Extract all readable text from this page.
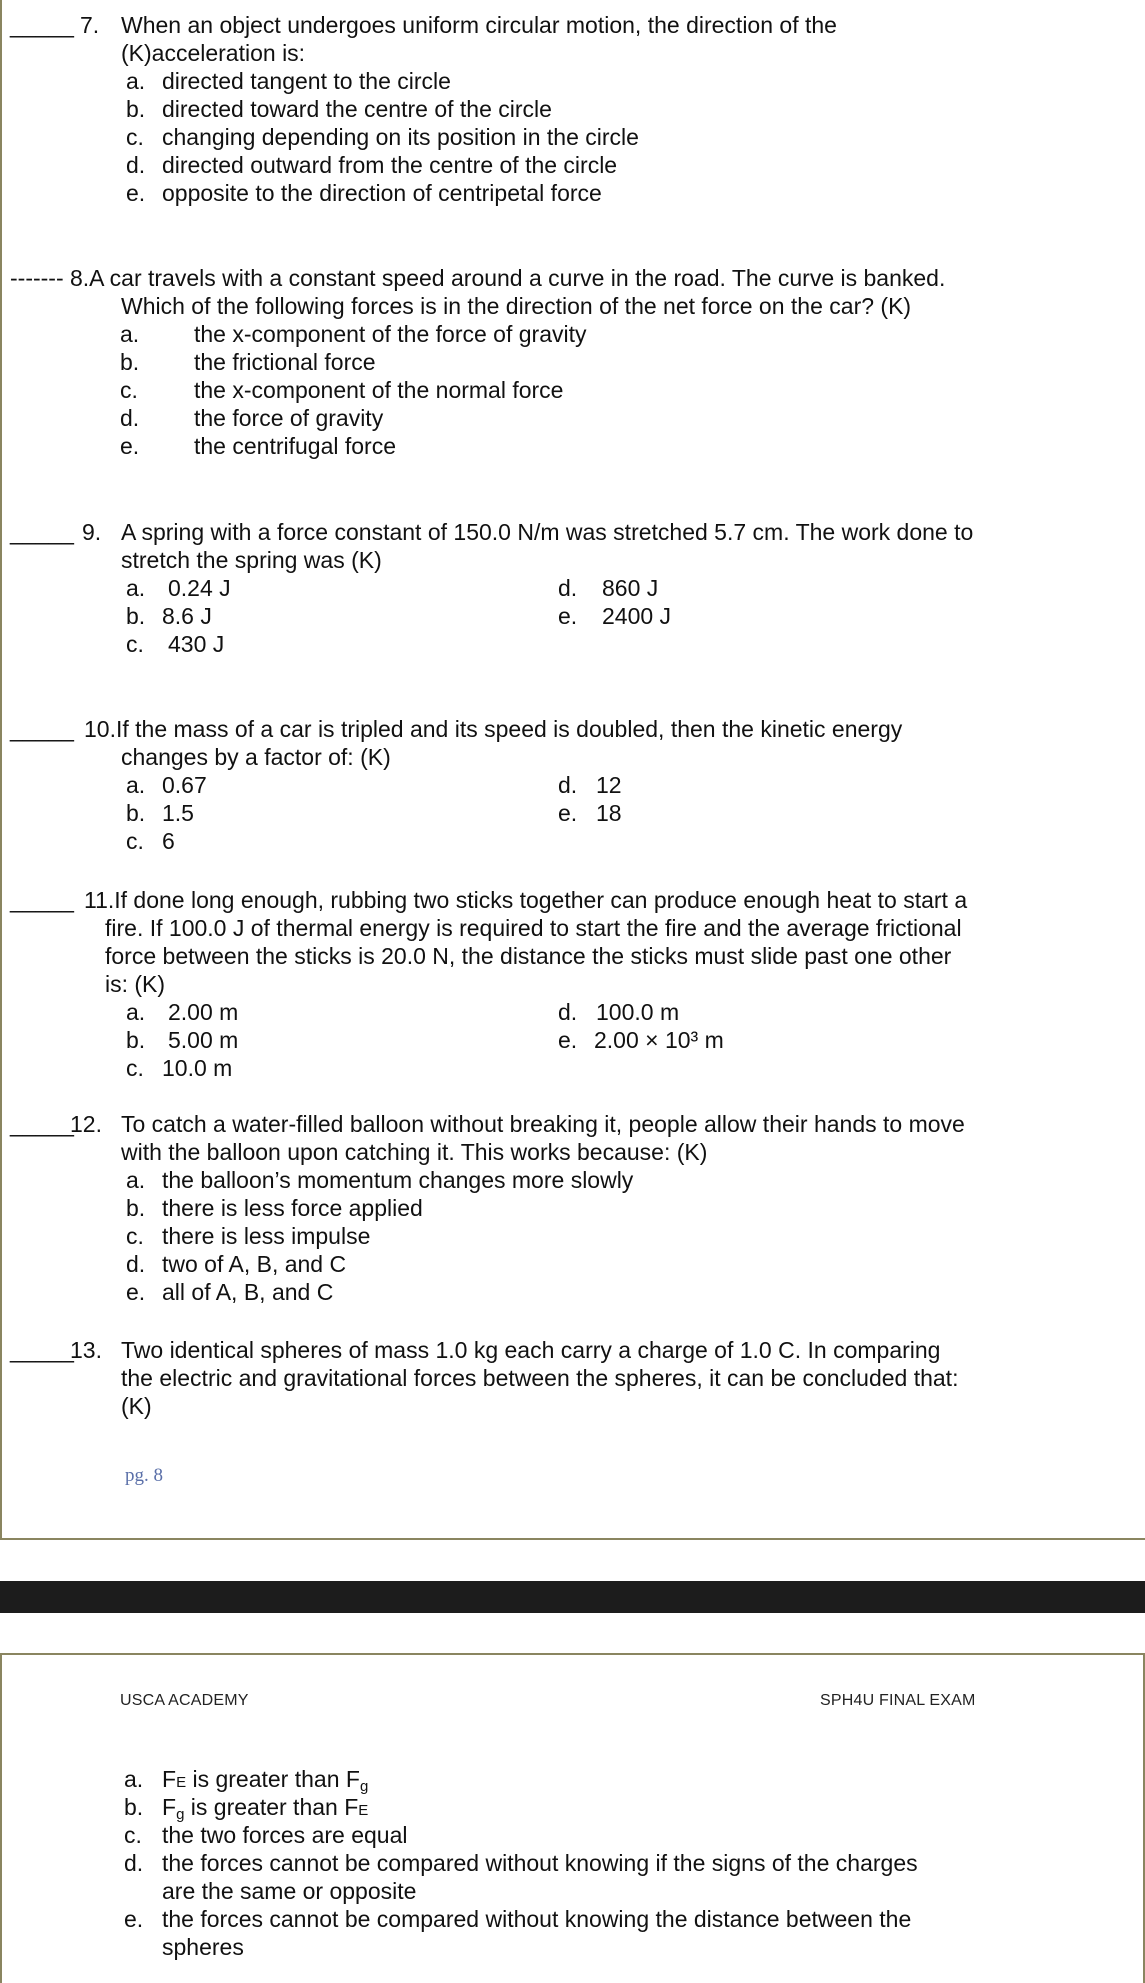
_____ 7. When an object undergoes uniform circular motion, the direction of the
(K)acceleration is:
a. directed tangent to the circle
b. directed toward the centre of the circle
c. changing depending on its position in the circle
d. directed outward from the centre of the circle
e. opposite to the direction of centripetal force
------- 8.A car travels with a constant speed around a curve in the road. The curve is banked.
Which of the following forces is in the direction of the net force on the car? (K)
a. the x-component of the force of gravity
b. the frictional force
c. the x-component of the normal force
d. the force of gravity
e. the centrifugal force
_____ 9. A spring with a force constant of 150.0 N/m was stretched 5.7 cm. The work done to
stretch the spring was (K)
a. 0.24 J
b. 8.6 J
c. 430 J
d. 860 J
e. 2400 J
_____ 10.If the mass of a car is tripled and its speed is doubled, then the kinetic energy
changes by a factor of: (K)
a. 0.67
b. 1.5
c. 6
d. 12
e. 18
_____ 11.If done long enough, rubbing two sticks together can produce enough heat to start a
fire. If 100.0 J of thermal energy is required to start the fire and the average frictional
force between the sticks is 20.0 N, the distance the sticks must slide past one other
is: (K)
a. 2.00 m
b. 5.00 m
c. 10.0 m
d. 100.0 m
e. 2.00 × 10³ m
_____
12. To catch a water-filled balloon without breaking it, people allow their hands to move
with the balloon upon catching it. This works because: (K)
a. the balloon’s momentum changes more slowly
b. there is less force applied
c. there is less impulse
d. two of A, B, and C
e. all of A, B, and C
_____
13. Two identical spheres of mass 1.0 kg each carry a charge of 1.0 C. In comparing
the electric and gravitational forces between the spheres, it can be concluded that:
(K)
pg. 8
USCA ACADEMY	SPH4U FINAL EXAM
a. FE is greater than $F_g$
b. $F_g$ is greater than FE
c. the two forces are equal
d. the forces cannot be compared without knowing if the signs of the charges
are the same or opposite
e. the forces cannot be compared without knowing the distance between the
spheres
